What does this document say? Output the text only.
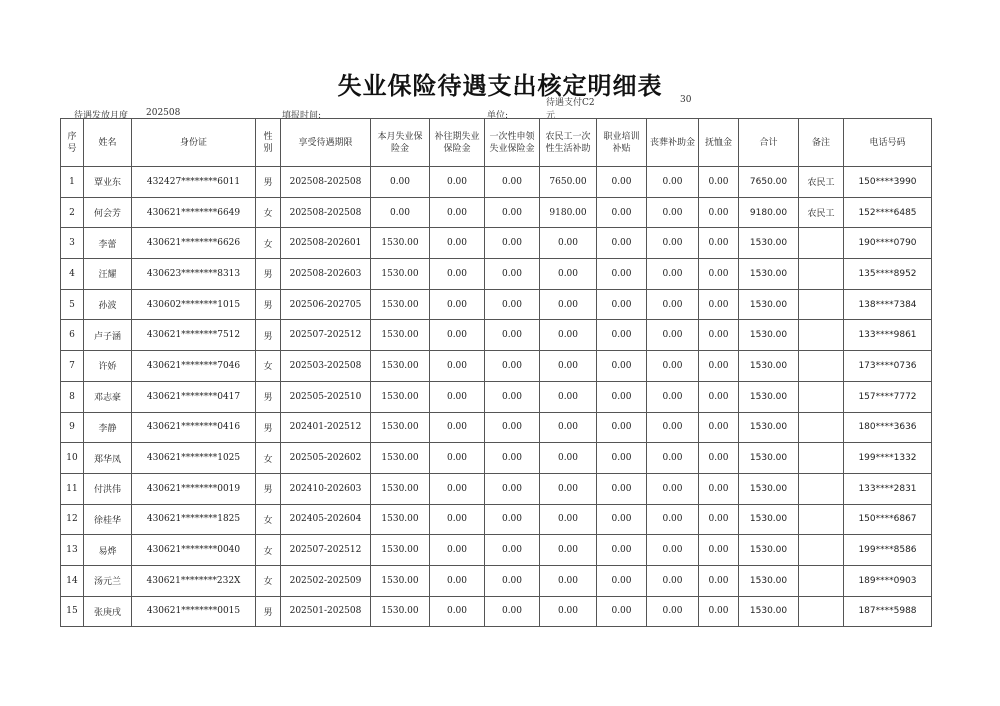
失业保险待遇支出核定明细表
待遇发放月度 202508	填报时间:	单位:	元
待遇支付C2	30
序号	姓名	身份证	性别	享受待遇期限	本月失业保险金	补往期失业保险金	一次性申领失业保险金	农民工一次性生活补助	职业培训补贴	丧葬补助金	抚恤金	合计	备注	电话号码
1	覃业东	432427********6011	男	202508-202508	0.00	0.00	0.00	7650.00	0.00	0.00	0.00	7650.00	农民工	150****3990
2	何会芳	430621********6649	女	202508-202508	0.00	0.00	0.00	9180.00	0.00	0.00	0.00	9180.00	农民工	152****6485
3	李蕾	430621********6626	女	202508-202601	1530.00	0.00	0.00	0.00	0.00	0.00	0.00	1530.00		190****0790
4	汪耀	430623********8313	男	202508-202603	1530.00	0.00	0.00	0.00	0.00	0.00	0.00	1530.00		135****8952
5	孙波	430602********1015	男	202506-202705	1530.00	0.00	0.00	0.00	0.00	0.00	0.00	1530.00		138****7384
6	卢子涵	430621********7512	男	202507-202512	1530.00	0.00	0.00	0.00	0.00	0.00	0.00	1530.00		133****9861
7	许娇	430621********7046	女	202503-202508	1530.00	0.00	0.00	0.00	0.00	0.00	0.00	1530.00		173****0736
8	邓志豪	430621********0417	男	202505-202510	1530.00	0.00	0.00	0.00	0.00	0.00	0.00	1530.00		157****7772
9	李静	430621********0416	男	202401-202512	1530.00	0.00	0.00	0.00	0.00	0.00	0.00	1530.00		180****3636
10	郑华凤	430621********1025	女	202505-202602	1530.00	0.00	0.00	0.00	0.00	0.00	0.00	1530.00		199****1332
11	付洪伟	430621********0019	男	202410-202603	1530.00	0.00	0.00	0.00	0.00	0.00	0.00	1530.00		133****2831
12	徐桂华	430621********1825	女	202405-202604	1530.00	0.00	0.00	0.00	0.00	0.00	0.00	1530.00		150****6867
13	易烨	430621********0040	女	202507-202512	1530.00	0.00	0.00	0.00	0.00	0.00	0.00	1530.00		199****8586
14	汤元兰	430621********232X	女	202502-202509	1530.00	0.00	0.00	0.00	0.00	0.00	0.00	1530.00		189****0903
15	张庚戌	430621********0015	男	202501-202508	1530.00	0.00	0.00	0.00	0.00	0.00	0.00	1530.00		187****5988
